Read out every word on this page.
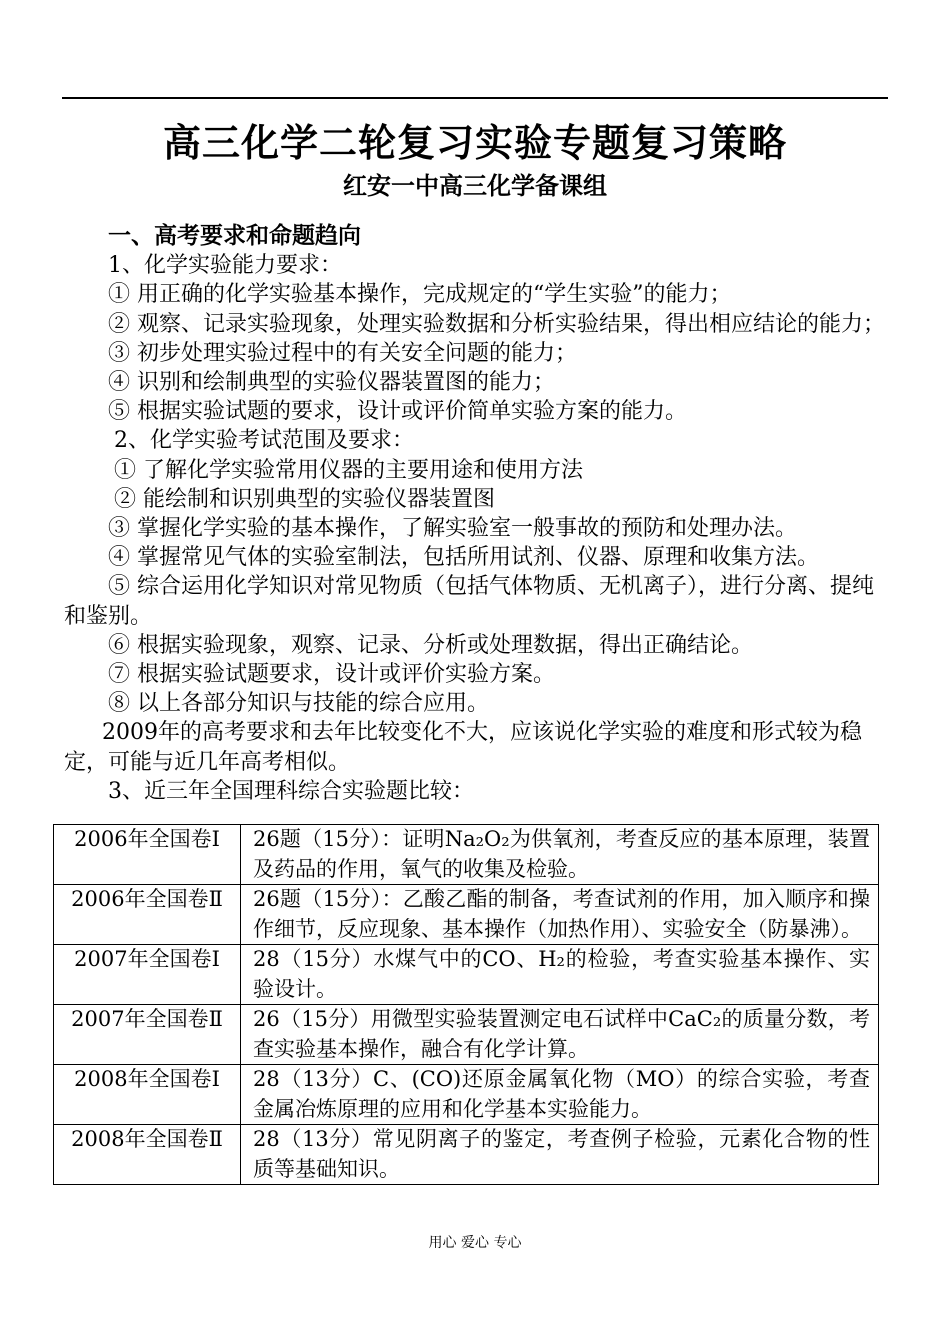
高三化学二轮复习实验专题复习策略
红安一中高三化学备课组
一、高考要求和命题趋向
1、化学实验能力要求：
① 用正确的化学实验基本操作，完成规定的“学生实验”的能力；
② 观察、记录实验现象，处理实验数据和分析实验结果，得出相应结论的能力；
③ 初步处理实验过程中的有关安全问题的能力；
④ 识别和绘制典型的实验仪器装置图的能力；
⑤ 根据实验试题的要求，设计或评价简单实验方案的能力。
2、化学实验考试范围及要求：
① 了解化学实验常用仪器的主要用途和使用方法
② 能绘制和识别典型的实验仪器装置图
③ 掌握化学实验的基本操作，了解实验室一般事故的预防和处理办法。
④ 掌握常见气体的实验室制法，包括所用试剂、仪器、原理和收集方法。
⑤ 综合运用化学知识对常见物质（包括气体物质、无机离子），进行分离、提纯和鉴别。
⑥ 根据实验现象，观察、记录、分析或处理数据，得出正确结论。
⑦ 根据实验试题要求，设计或评价实验方案。
⑧ 以上各部分知识与技能的综合应用。
2009年的高考要求和去年比较变化不大，应该说化学实验的难度和形式较为稳定，可能与近几年高考相似。
3、近三年全国理科综合实验题比较：
2006年全国卷Ⅰ	26题（15分）：证明Na₂O₂为供氧剂，考查反应的基本原理，装置及药品的作用，氧气的收集及检验。
2006年全国卷Ⅱ	26题（15分）：乙酸乙酯的制备，考查试剂的作用，加入顺序和操作细节，反应现象、基本操作（加热作用）、实验安全（防暴沸）。
2007年全国卷Ⅰ	28（15分）水煤气中的CO、H₂的检验，考查实验基本操作、实验设计。
2007年全国卷Ⅱ	26（15分）用微型实验装置测定电石试样中CaC₂的质量分数，考查实验基本操作，融合有化学计算。
2008年全国卷Ⅰ	28（13分）C、(CO)还原金属氧化物（MO）的综合实验，考查金属冶炼原理的应用和化学基本实验能力。
2008年全国卷Ⅱ	28（13分）常见阴离子的鉴定，考查例子检验，元素化合物的性质等基础知识。
用心 爱心 专心
